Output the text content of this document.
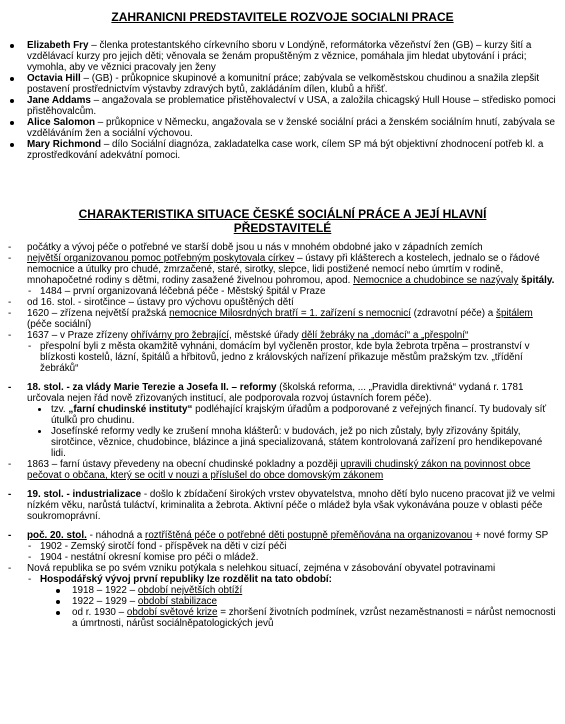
ZAHRANICNI PREDSTAVITELE ROZVOJE SOCIALNI PRACE
Elizabeth Fry – členka protestantského církevního sboru v Londýně, reformátorka vězeňství žen (GB) – kurzy šití a vzdělávací kurzy pro jejich děti; věnovala se ženám propuštěným z věznice, pomáhala jim hledat ubytování i práci; vymohla, aby ve věznici pracovaly jen ženy
Octavia Hill – (GB) - průkopnice skupinové a komunitní práce; zabývala se velkoměstskou chudinou a snažila zlepšit postavení prostřednictvím výstavby zdravých bytů, zakládáním dílen, klubů a hřišť.
Jane Addams – angažovala se problematice přistěhovalectví v USA, a založila chicagský Hull House – středisko pomoci přistěhovalcům.
Alice Salomon – průkopnice v Německu, angažovala se v ženské sociální práci a ženském sociálním hnutí, zabývala se vzděláváním žen a sociální výchovou.
Mary Richmond – dílo Sociální diagnóza, zakladatelka case work, cílem SP má být objektivní zhodnocení potřeb kl. a zprostředkování adekvátní pomoci.
CHARAKTERISTIKA SITUACE ČESKÉ SOCIÁLNÍ PRÁCE A JEJÍ HLAVNÍ PŘEDSTAVITELÉ
- počátky a vývoj péče o potřebné ve starší době jsou u nás v mnohém obdobné jako v západních zemích
- největší organizovanou pomoc potřebným poskytovala církev – ústavy při klášterech a kostelech, jednalo se o řádové nemocnice a útulky pro chudé, zmrzačené, staré, sirotky, slepce, lidi postižené nemocí nebo úmrtím v rodině, mnohapočetné rodiny s dětmi, rodiny zasažené živelnou pohromou, apod. Nemocnice a chudobince se nazývaly špitály.
- 1484 – první organizovaná léčebná péče - Městský špitál v Praze
- od 16. stol. - sirotčince – ústavy pro výchovu opuštěných dětí
- 1620 – zřízena největší pražská nemocnice Milosrdných bratří = 1. zařízení s nemocnicí (zdravotní péče) a špitálem (péče sociální)
- 1637 – v Praze zřízeny ohřívárny pro žebrající, městské úřady dělí žebráky na „domácí“ a „přespolní“
- přespolní byli z města okamžitě vyhnáni, domácím byl vyčleněn prostor, kde byla žebrota trpěna – prostranství v blízkosti kostelů, lázní, špitálů a hřbitovů, jedno z královských nařízení přikazuje městům pražským tzv. „třídění žebráků“
- 18. stol. - za vlády Marie Terezie a Josefa II. – reformy (školská reforma, ... „Pravidla direktivná“ vydaná r. 1781 určovala nejen řád nově zřizovaných institucí, ale podporovala rozvoj ústavních forem péče).
tzv. „farní chudinské instituty“ podléhající krajským úřadům a podporované z veřejných financí. Ty budovaly síť útulků pro chudinu.
Josefínské reformy vedly ke zrušení mnoha klášterů: v budovách, jež po nich zůstaly, byly zřizovány špitály, sirotčince, věznice, chudobince, blázince a jiná specializovaná, státem kontrolovaná zařízení pro hendikepované lidi.
- 1863 – farní ústavy převedeny na obecní chudinské pokladny a později upravili chudinský zákon na povinnost obce pečovat o občana, který se ocitl v nouzi a příslušel do obce domovským zákonem
- 19. stol. - industrializace - došlo k zbídačení širokých vrstev obyvatelstva, mnoho dětí bylo nuceno pracovat již ve velmi nízkém věku, narůstá tuláctví, kriminalita a žebrota. Aktivní péče o mládež byla však vykonávána pouze v oblasti péče soukromoprávní.
- poč. 20. stol. - náhodná a roztříštěná péče o potřebné děti postupně přeměňována na organizovanou + nové formy SP
- 1902 - Zemský sirotčí fond - příspěvek na děti v cizí péči
- 1904 - nestátní okresní komise pro péči o mládež.
- Nová republika se po svém vzniku potýkala s nelehkou situací, zejména v zásobování obyvatel potravinami
- Hospodářský vývoj první republiky lze rozdělit na tato období:
1918 – 1922 – období největších obtíží
1922 – 1929 – období stabilizace
od r. 1930 – období světové krize = zhoršení životních podmínek, vzrůst nezaměstnanosti = nárůst nemocnosti a úmrtnosti, nárůst sociálněpatologických jevů
